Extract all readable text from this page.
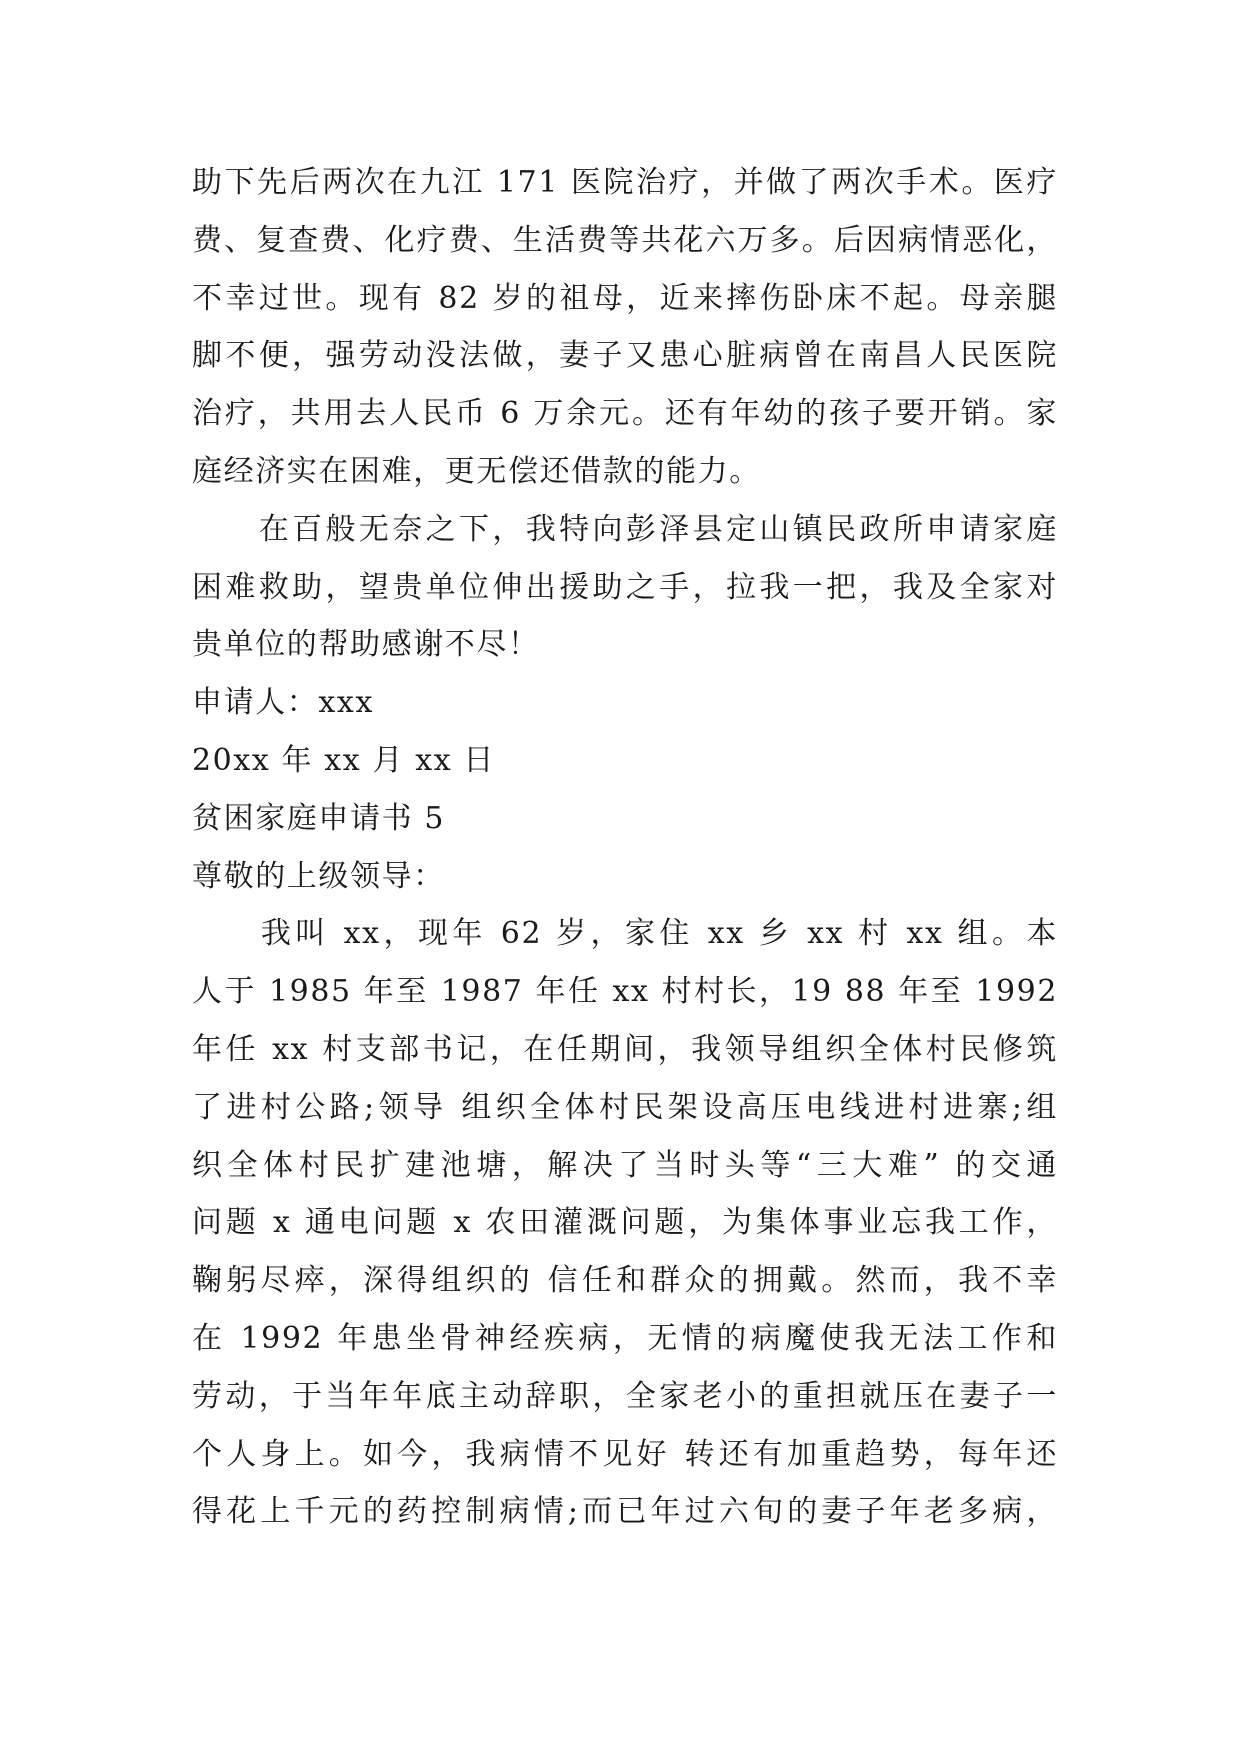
助下先后两次在九江 171 医院治疗，并做了两次手术。医疗
费、复查费、化疗费、生活费等共花六万多。后因病情恶化，
不幸过世。现有 82 岁的祖母，近来摔伤卧床不起。母亲腿
脚不便，强劳动没法做，妻子又患心脏病曾在南昌人民医院
治疗，共用去人民币 6 万余元。还有年幼的孩子要开销。家
庭经济实在困难，更无偿还借款的能力。
　　在百般无奈之下，我特向彭泽县定山镇民政所申请家庭
困难救助，望贵单位伸出援助之手，拉我一把，我及全家对
贵单位的帮助感谢不尽！
申请人：xxx
20xx 年 xx 月 xx 日
贫困家庭申请书 5
尊敬的上级领导：
　　我叫 xx，现年 62 岁，家住 xx 乡 xx 村 xx 组。本
人于 1985 年至 1987 年任 xx 村村长，19 88 年至 1992
年任 xx 村支部书记，在任期间，我领导组织全体村民修筑
了进村公路;领导 组织全体村民架设高压电线进村进寨;组
织全体村民扩建池塘，解决了当时头等“三大难” 的交通
问题 x 通电问题 x 农田灌溉问题，为集体事业忘我工作，
鞠躬尽瘁，深得组织的 信任和群众的拥戴。然而，我不幸
在 1992 年患坐骨神经疾病，无情的病魔使我无法工作和
劳动，于当年年底主动辞职，全家老小的重担就压在妻子一
个人身上。如今，我病情不见好 转还有加重趋势，每年还
得花上千元的药控制病情;而已年过六旬的妻子年老多病，
